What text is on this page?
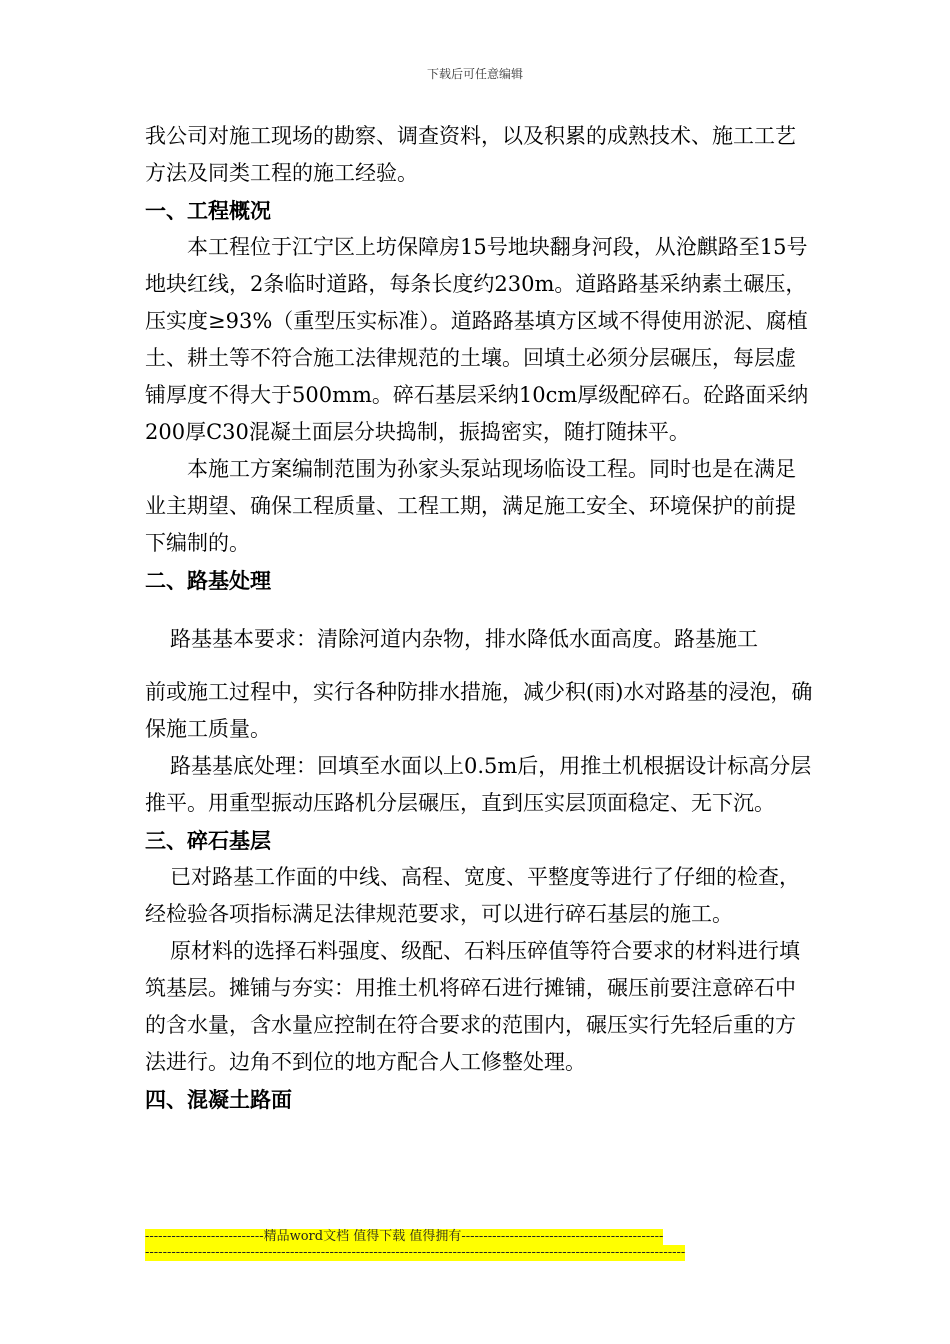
下载后可任意编辑

我公司对施工现场的勘察、调查资料，以及积累的成熟技术、施工工艺方法及同类工程的施工经验。

一、工程概况

本工程位于江宁区上坊保障房15号地块翻身河段，从沧麒路至15号地块红线，2条临时道路，每条长度约230m。道路路基采纳素土碾压，压实度≥93%（重型压实标准）。道路路基填方区域不得使用淤泥、腐植土、耕土等不符合施工法律规范的土壤。回填土必须分层碾压，每层虚铺厚度不得大于500mm。碎石基层采纳10cm厚级配碎石。砼路面采纳200厚C30混凝土面层分块捣制，振捣密实，随打随抹平。

本施工方案编制范围为孙家头泵站现场临设工程。同时也是在满足业主期望、确保工程质量、工程工期，满足施工安全、环境保护的前提下编制的。

二、路基处理

路基基本要求：清除河道内杂物，排水降低水面高度。路基施工

前或施工过程中，实行各种防排水措施，减少积(雨)水对路基的浸泡，确保施工质量。

路基基底处理：回填至水面以上0.5m后，用推土机根据设计标高分层推平。用重型振动压路机分层碾压，直到压实层顶面稳定、无下沉。

三、碎石基层

已对路基工作面的中线、高程、宽度、平整度等进行了仔细的检查，经检验各项指标满足法律规范要求，可以进行碎石基层的施工。

原材料的选择石料强度、级配、石料压碎值等符合要求的材料进行填筑基层。摊铺与夯实：用推土机将碎石进行摊铺，碾压前要注意碎石中的含水量，含水量应控制在符合要求的范围内，碾压实行先轻后重的方法进行。边角不到位的地方配合人工修整处理。

四、混凝土路面
---------------------------精品word文档 值得下载 值得拥有----------------------------------------------
---------------------------------------------------------------------------------------------------------------------------
